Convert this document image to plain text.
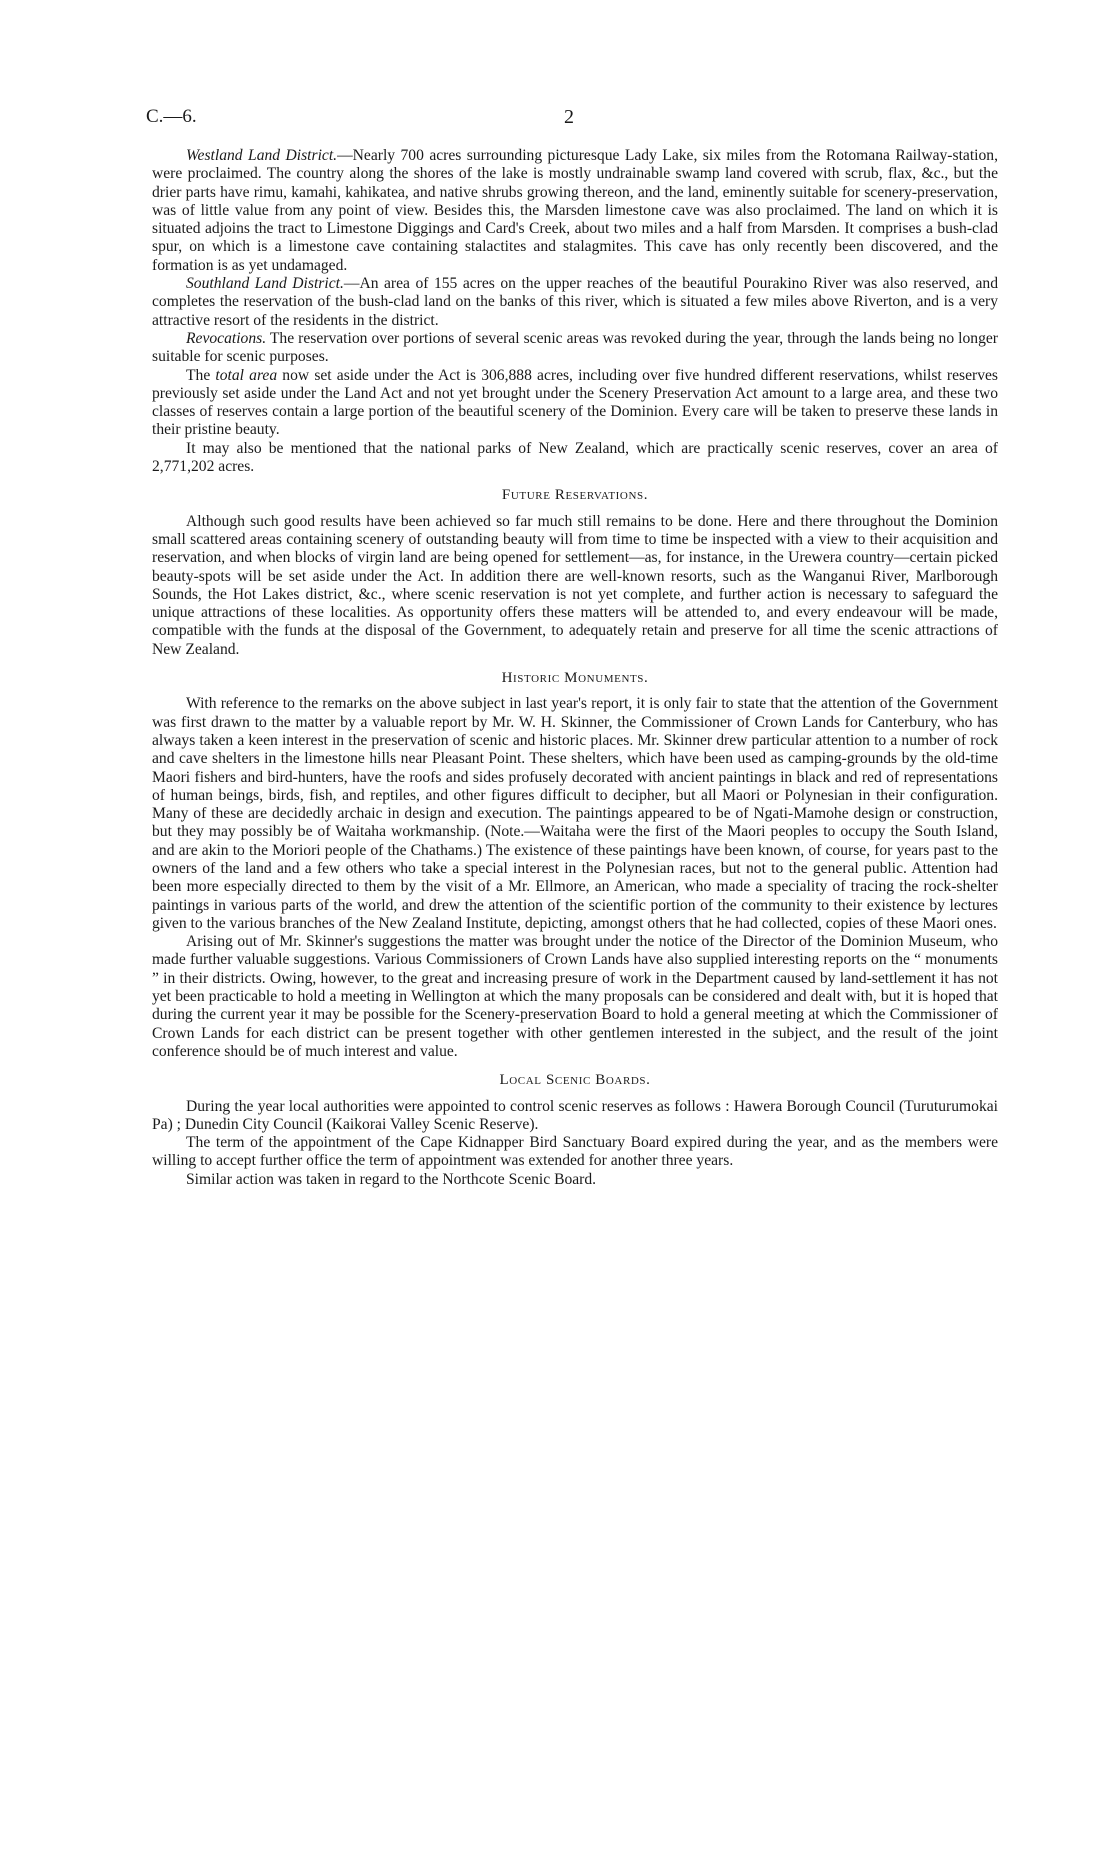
C.—6.	2

Westland Land District.—Nearly 700 acres surrounding picturesque Lady Lake, six miles from the Rotomana Railway-station, were proclaimed. The country along the shores of the lake is mostly undrainable swamp land covered with scrub, flax, &c., but the drier parts have rimu, kamahi, kahikatea, and native shrubs growing thereon, and the land, eminently suitable for scenery-preservation, was of little value from any point of view. Besides this, the Marsden limestone cave was also proclaimed. The land on which it is situated adjoins the tract to Limestone Diggings and Card's Creek, about two miles and a half from Marsden. It comprises a bush-clad spur, on which is a limestone cave containing stalactites and stalagmites. This cave has only recently been discovered, and the formation is as yet undamaged.

Southland Land District.—An area of 155 acres on the upper reaches of the beautiful Pourakino River was also reserved, and completes the reservation of the bush-clad land on the banks of this river, which is situated a few miles above Riverton, and is a very attractive resort of the residents in the district.

Revocations. The reservation over portions of several scenic areas was revoked during the year, through the lands being no longer suitable for scenic purposes.

The total area now set aside under the Act is 306,888 acres, including over five hundred different reservations, whilst reserves previously set aside under the Land Act and not yet brought under the Scenery Preservation Act amount to a large area, and these two classes of reserves contain a large portion of the beautiful scenery of the Dominion. Every care will be taken to preserve these lands in their pristine beauty.

It may also be mentioned that the national parks of New Zealand, which are practically scenic reserves, cover an area of 2,771,202 acres.

Future Reservations.

Although such good results have been achieved so far much still remains to be done. Here and there throughout the Dominion small scattered areas containing scenery of outstanding beauty will from time to time be inspected with a view to their acquisition and reservation, and when blocks of virgin land are being opened for settlement—as, for instance, in the Urewera country—certain picked beauty-spots will be set aside under the Act. In addition there are well-known resorts, such as the Wanganui River, Marlborough Sounds, the Hot Lakes district, &c., where scenic reservation is not yet complete, and further action is necessary to safeguard the unique attractions of these localities. As opportunity offers these matters will be attended to, and every endeavour will be made, compatible with the funds at the disposal of the Government, to adequately retain and preserve for all time the scenic attractions of New Zealand.

Historic Monuments.

With reference to the remarks on the above subject in last year's report, it is only fair to state that the attention of the Government was first drawn to the matter by a valuable report by Mr. W. H. Skinner, the Commissioner of Crown Lands for Canterbury, who has always taken a keen interest in the preservation of scenic and historic places. Mr. Skinner drew particular attention to a number of rock and cave shelters in the limestone hills near Pleasant Point. These shelters, which have been used as camping-grounds by the old-time Maori fishers and bird-hunters, have the roofs and sides profusely decorated with ancient paintings in black and red of representations of human beings, birds, fish, and reptiles, and other figures difficult to decipher, but all Maori or Polynesian in their configuration. Many of these are decidedly archaic in design and execution. The paintings appeared to be of Ngati-Mamohe design or construction, but they may possibly be of Waitaha workmanship. (Note.—Waitaha were the first of the Maori peoples to occupy the South Island, and are akin to the Moriori people of the Chathams.) The existence of these paintings have been known, of course, for years past to the owners of the land and a few others who take a special interest in the Polynesian races, but not to the general public. Attention had been more especially directed to them by the visit of a Mr. Ellmore, an American, who made a speciality of tracing the rock-shelter paintings in various parts of the world, and drew the attention of the scientific portion of the community to their existence by lectures given to the various branches of the New Zealand Institute, depicting, amongst others that he had collected, copies of these Maori ones.

Arising out of Mr. Skinner's suggestions the matter was brought under the notice of the Director of the Dominion Museum, who made further valuable suggestions. Various Commissioners of Crown Lands have also supplied interesting reports on the “ monuments ” in their districts. Owing, however, to the great and increasing presure of work in the Department caused by land-settlement it has not yet been practicable to hold a meeting in Wellington at which the many proposals can be considered and dealt with, but it is hoped that during the current year it may be possible for the Scenery-preservation Board to hold a general meeting at which the Commissioner of Crown Lands for each district can be present together with other gentlemen interested in the subject, and the result of the joint conference should be of much interest and value.

Local Scenic Boards.

During the year local authorities were appointed to control scenic reserves as follows : Hawera Borough Council (Turuturumokai Pa) ; Dunedin City Council (Kaikorai Valley Scenic Reserve).

The term of the appointment of the Cape Kidnapper Bird Sanctuary Board expired during the year, and as the members were willing to accept further office the term of appointment was extended for another three years.

Similar action was taken in regard to the Northcote Scenic Board.
